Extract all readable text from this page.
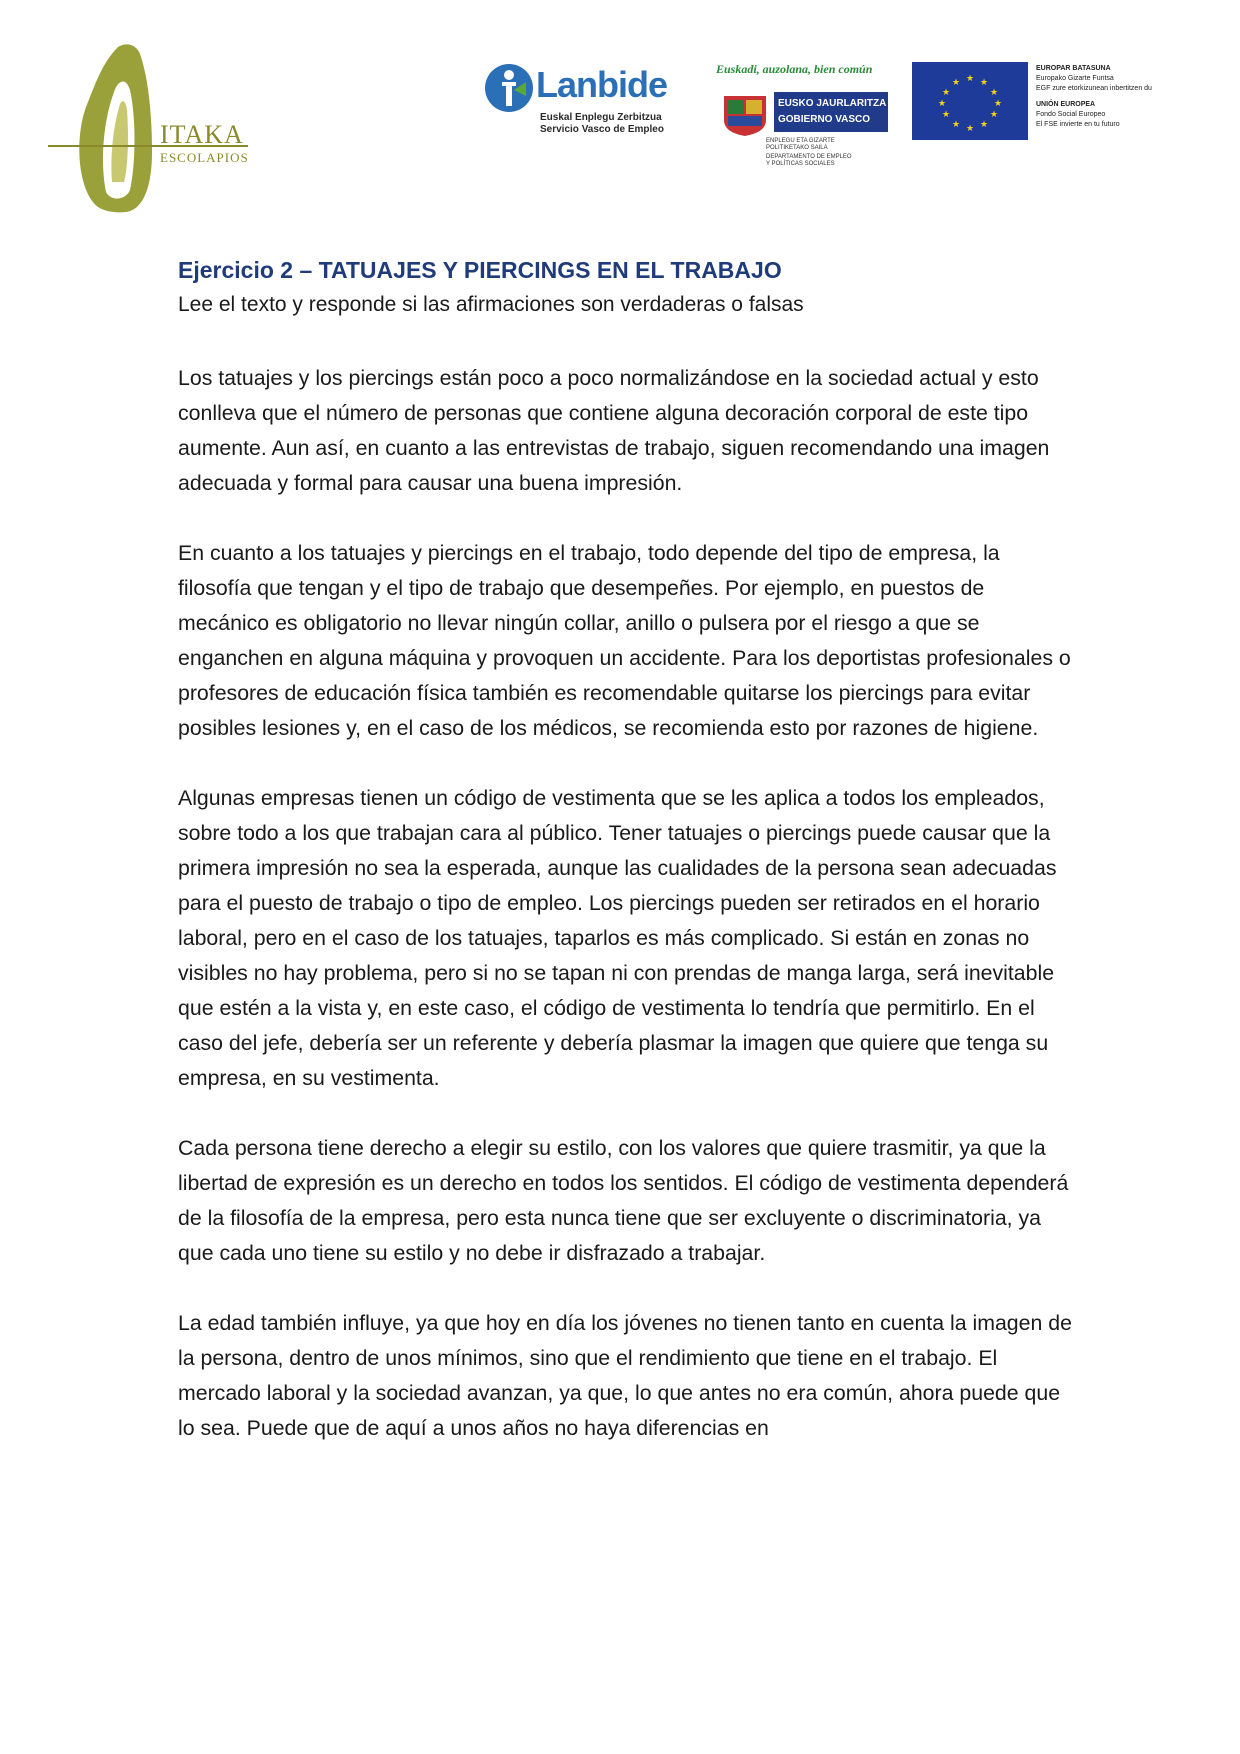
ITAKA
ESCOLAPIOS
Lanbide
Euskal Enplegu Zerbitzua
Servicio Vasco de Empleo
Euskadi, auzolana, bien común
EUSKO JAURLARITZA
GOBIERNO VASCO
ENPLEGU ETA GIZARTE
POLITIKETAKO SAILA
DEPARTAMENTO DE EMPLEO
Y POLÍTICAS SOCIALES
★ ★
★
★
★
★
★
★
★
★
★
★
EUROPAR BATASUNA
Europako Gizarte Funtsa
EGF zure etorkizunean inbertitzen du
UNIÓN EUROPEA
Fondo Social Europeo
El FSE invierte en tu futuro
Ejercicio 2 – TATUAJES Y PIERCINGS EN EL TRABAJO
Lee el texto y responde si las afirmaciones son verdaderas o falsas

Los tatuajes y los piercings están poco a poco normalizándose en la sociedad actual y esto conlleva que el número de personas que contiene alguna decoración corporal de este tipo aumente. Aun así, en cuanto a las entrevistas de trabajo, siguen recomendando una imagen adecuada y formal para causar una buena impresión.

En cuanto a los tatuajes y piercings en el trabajo, todo depende del tipo de empresa, la filosofía que tengan y el tipo de trabajo que desempeñes. Por ejemplo, en puestos de mecánico es obligatorio no llevar ningún collar, anillo o pulsera por el riesgo a que se enganchen en alguna máquina y provoquen un accidente. Para los deportistas profesionales o profesores de educación física también es recomendable quitarse los piercings para evitar posibles lesiones y, en el caso de los médicos, se recomienda esto por razones de higiene.

Algunas empresas tienen un código de vestimenta que se les aplica a todos los empleados, sobre todo a los que trabajan cara al público. Tener tatuajes o piercings puede causar que la primera impresión no sea la esperada, aunque las cualidades de la persona sean adecuadas para el puesto de trabajo o tipo de empleo. Los piercings pueden ser retirados en el horario laboral, pero en el caso de los tatuajes, taparlos es más complicado. Si están en zonas no visibles no hay problema, pero si no se tapan ni con prendas de manga larga, será inevitable que estén a la vista y, en este caso, el código de vestimenta lo tendría que permitirlo. En el caso del jefe, debería ser un referente y debería plasmar la imagen que quiere que tenga su empresa, en su vestimenta.

Cada persona tiene derecho a elegir su estilo, con los valores que quiere trasmitir, ya que la libertad de expresión es un derecho en todos los sentidos. El código de vestimenta dependerá de la filosofía de la empresa, pero esta nunca tiene que ser excluyente o discriminatoria, ya que cada uno tiene su estilo y no debe ir disfrazado a trabajar.

La edad también influye, ya que hoy en día los jóvenes no tienen tanto en cuenta la imagen de la persona, dentro de unos mínimos, sino que el rendimiento que tiene en el trabajo. El mercado laboral y la sociedad avanzan, ya que, lo que antes no era común, ahora puede que lo sea. Puede que de aquí a unos años no haya diferencias en
